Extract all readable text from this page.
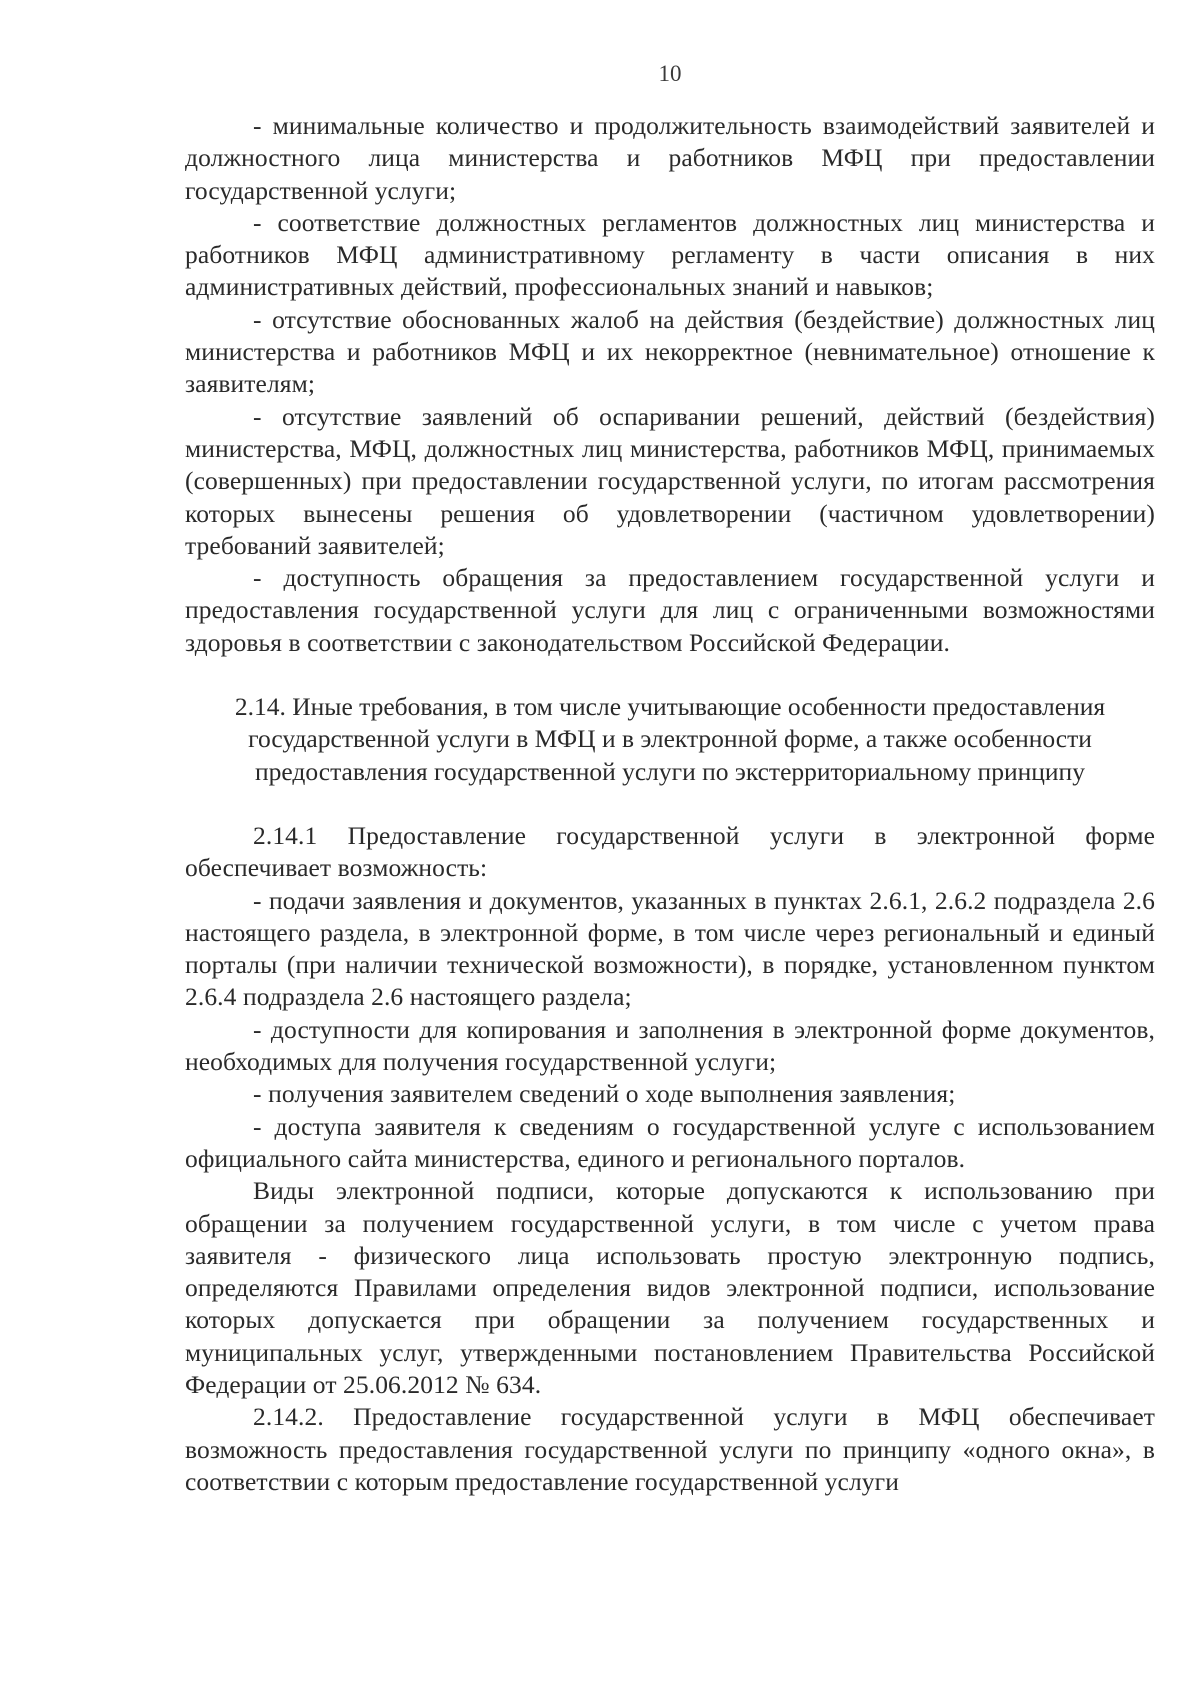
10

- минимальные количество и продолжительность взаимодействий заявителей и должностного лица министерства и работников МФЦ при предоставлении государственной услуги;

- соответствие должностных регламентов должностных лиц министерства и работников МФЦ административному регламенту в части описания в них административных действий, профессиональных знаний и навыков;

- отсутствие обоснованных жалоб на действия (бездействие) должностных лиц министерства и работников МФЦ и их некорректное (невнимательное) отношение к заявителям;

- отсутствие заявлений об оспаривании решений, действий (бездействия) министерства, МФЦ, должностных лиц министерства, работников МФЦ, принимаемых (совершенных) при предоставлении государственной услуги, по итогам рассмотрения которых вынесены решения об удовлетворении (частичном удовлетворении) требований заявителей;

- доступность обращения за предоставлением государственной услуги и предоставления государственной услуги для лиц с ограниченными возможностями здоровья в соответствии с законодательством Российской Федерации.

2.14. Иные требования, в том числе учитывающие особенности предоставления
государственной услуги в МФЦ и в электронной форме, а также особенности
предоставления государственной услуги по экстерриториальному принципу

2.14.1 Предоставление государственной услуги в электронной форме обеспечивает возможность:

- подачи заявления и документов, указанных в пунктах 2.6.1, 2.6.2 подраздела 2.6 настоящего раздела, в электронной форме, в том числе через региональный и единый порталы (при наличии технической возможности), в порядке, установленном пунктом 2.6.4 подраздела 2.6 настоящего раздела;

- доступности для копирования и заполнения в электронной форме документов, необходимых для получения государственной услуги;

- получения заявителем сведений о ходе выполнения заявления;

- доступа заявителя к сведениям о государственной услуге с использованием официального сайта министерства, единого и регионального порталов.

Виды электронной подписи, которые допускаются к использованию при обращении за получением государственной услуги, в том числе с учетом права заявителя - физического лица использовать простую электронную подпись, определяются Правилами определения видов электронной подписи, использование которых допускается при обращении за получением государственных и муниципальных услуг, утвержденными постановлением Правительства Российской Федерации от 25.06.2012 № 634.

2.14.2. Предоставление государственной услуги в МФЦ обеспечивает возможность предоставления государственной услуги по принципу «одного окна», в соответствии с которым предоставление государственной услуги
